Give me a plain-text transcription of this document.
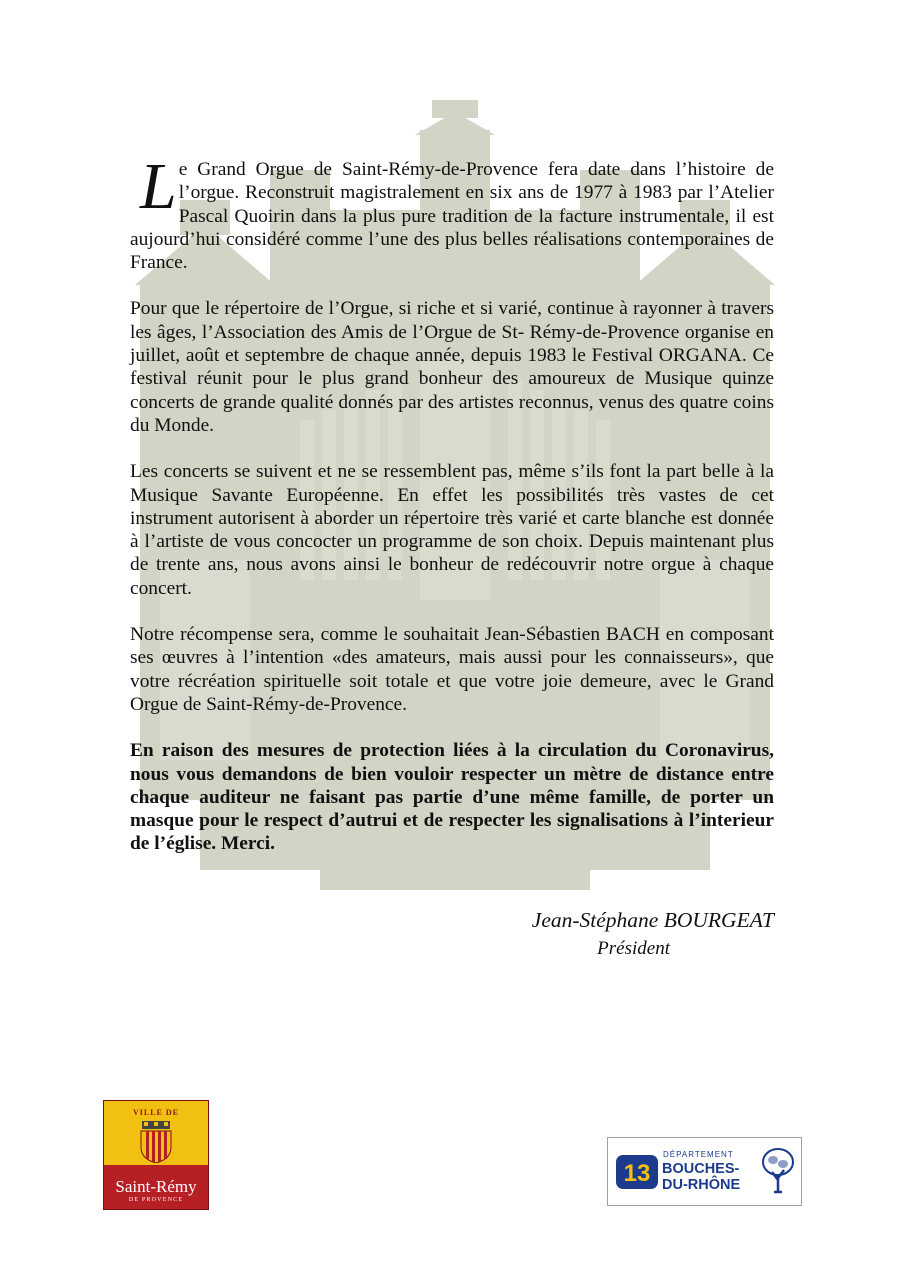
Le Grand Orgue de Saint-Rémy-de-Provence fera date dans l’histoire de l’orgue. Reconstruit magistralement en six ans de 1977 à 1983 par l’Atelier Pascal Quoirin dans la plus pure tradition de la facture instrumentale, il est aujourd’hui considéré comme l’une des plus belles réalisations contemporaines de France.

Pour que le répertoire de l’Orgue, si riche et si varié, continue à rayonner à travers les âges, l’Association des Amis de l’Orgue de St- Rémy-de-Provence organise en juillet, août et septembre de chaque année, depuis 1983 le Festival ORGANA. Ce festival réunit pour le plus grand bonheur des amoureux de Musique quinze concerts de grande qualité donnés par des artistes reconnus, venus des quatre coins du Monde.

Les concerts se suivent et ne se ressemblent pas, même s’ils font la part belle à la Musique Savante Européenne. En effet les possibilités très vastes de cet instrument autorisent à aborder un répertoire très varié et carte blanche est donnée à l’artiste de vous concocter un programme de son choix. Depuis maintenant plus de trente ans, nous avons ainsi le bonheur de redécouvrir notre orgue à chaque concert.

Notre récompense sera, comme le souhaitait Jean-Sébastien BACH en composant ses œuvres à l’intention «des amateurs, mais aussi pour les connaisseurs», que votre récréation spirituelle soit totale et que votre joie demeure, avec le Grand Orgue de Saint-Rémy-de-Provence.

En raison des mesures de protection liées à la circulation du Coronavirus, nous vous demandons de bien vouloir respecter un mètre de distance entre chaque auditeur ne faisant pas partie d’une même famille, de porter un masque pour le respect d’autrui et de respecter les signalisations à l’interieur de l’église. Merci.

Jean-Stéphane BOURGEAT
Président
VILLE DE
Saint-Rémy
DE PROVENCE
13
DÉPARTEMENT
BOUCHES-
DU-RHÔNE
